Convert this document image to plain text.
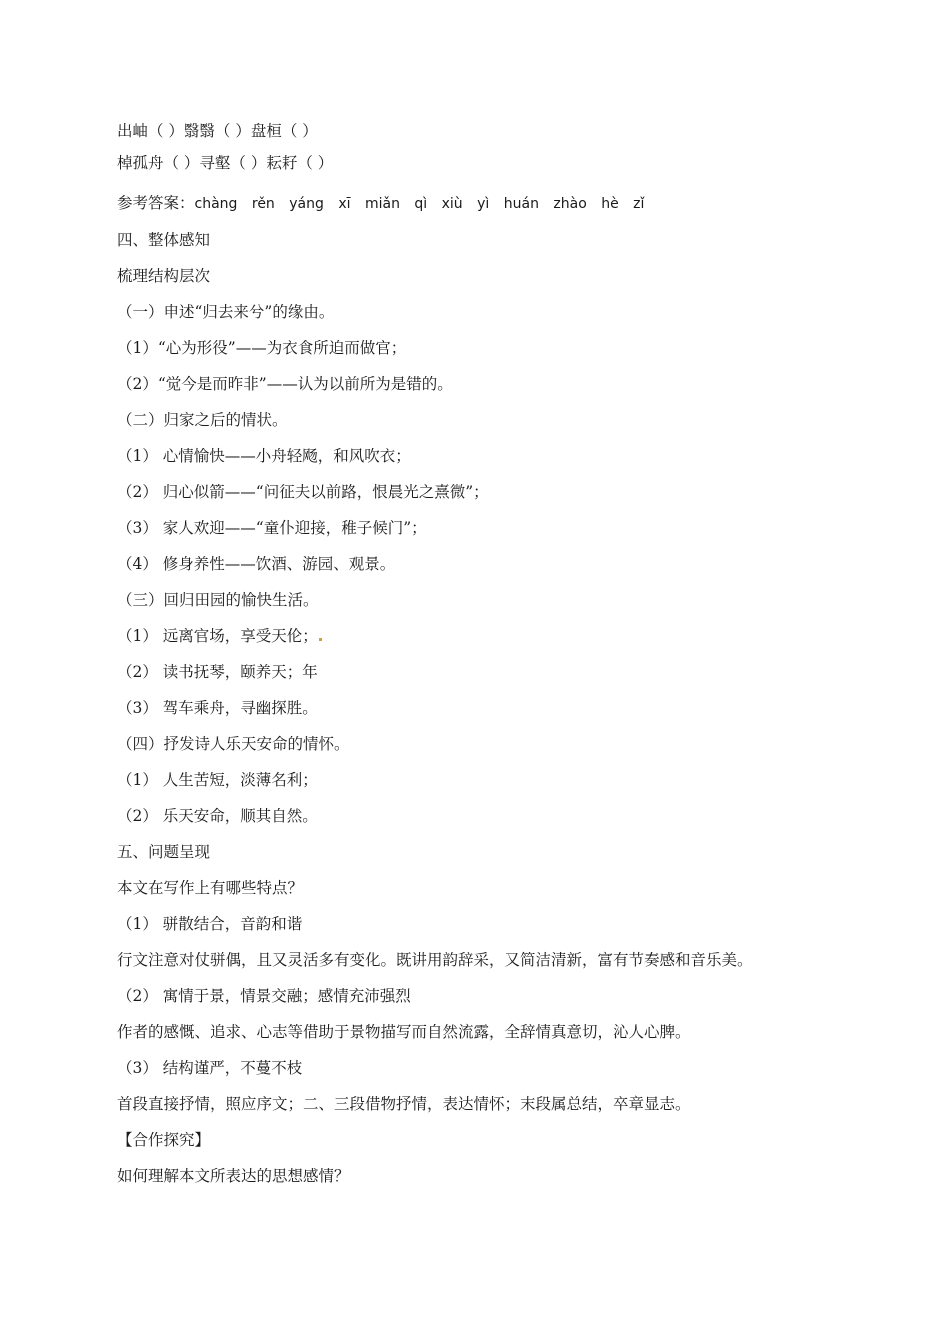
出岫（ ）翳翳（ ）盘桓（ ）
棹孤舟（ ）寻壑（ ）耘耔（ ）
参考答案：chàng rěn yáng xī miǎn qì xiù yì huán zhào hè zǐ
四、整体感知
梳理结构层次
（一）申述“归去来兮”的缘由。
（1）“心为形役”——为衣食所迫而做官；
（2）“觉今是而昨非”——认为以前所为是错的。
（二）归家之后的情状。
（1） 心情愉快——小舟轻飏，和风吹衣；
（2） 归心似箭——“问征夫以前路，恨晨光之熹微”；
（3） 家人欢迎——“童仆迎接，稚子候门”；
（4） 修身养性——饮酒、游园、观景。
（三）回归田园的愉快生活。
（1） 远离官场，享受天伦；
（2） 读书抚琴，颐养天；年
（3） 驾车乘舟，寻幽探胜。
（四）抒发诗人乐天安命的情怀。
（1） 人生苦短，淡薄名利；
（2） 乐天安命，顺其自然。
五、问题呈现
本文在写作上有哪些特点？
（1） 骈散结合，音韵和谐
行文注意对仗骈偶，且又灵活多有变化。既讲用韵辞采，又简洁清新，富有节奏感和音乐美。
（2） 寓情于景，情景交融；感情充沛强烈
作者的感慨、追求、心志等借助于景物描写而自然流露，全辞情真意切，沁人心脾。
（3） 结构谨严，不蔓不枝
首段直接抒情，照应序文；二、三段借物抒情，表达情怀；末段属总结，卒章显志。
【合作探究】
如何理解本文所表达的思想感情？
